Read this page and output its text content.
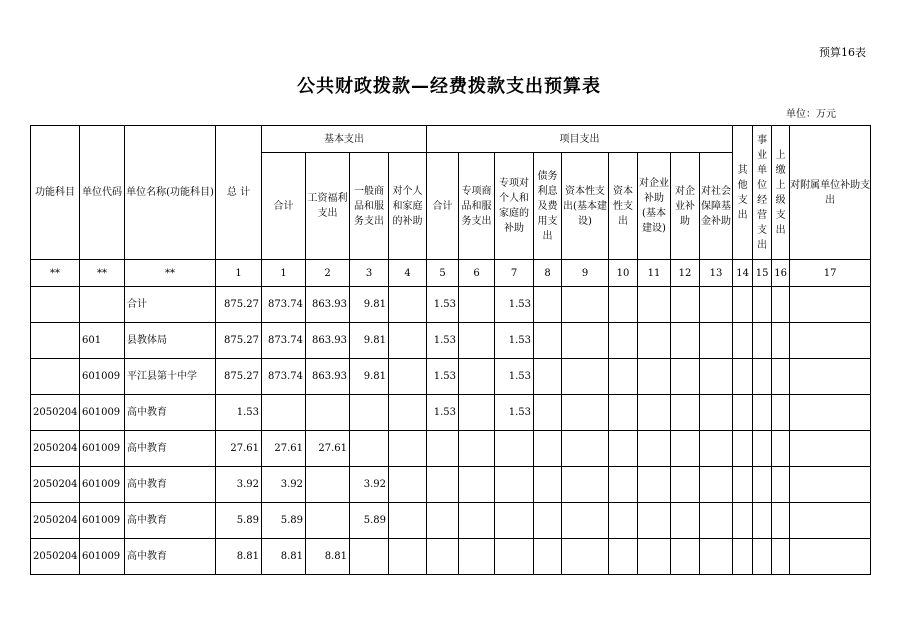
预算16表
公共财政拨款—经费拨款支出预算表
单位：万元
功能科目	单位代码	单位名称(功能科目)	总 计	基本支出				项目支出									其他支出	事业单位经营支出	上缴上级支出	对附属单位补助支出
				合计	工资福利支出	一般商品和服务支出	对个人和家庭的补助	合计	专项商品和服务支出	专项对个人和家庭的补助	债务利息及费用支出	资本性支出(基本建设)	资本性支出	对企业补助(基本建设)	对企业补助	对社会保障基金补助				
**	**	**	1	1	2	3	4	5	6	7	8	9	10	11	12	13	14	15	16	17
		合计	875.27	873.74	863.93	9.81		1.53		1.53										
	601	县教体局	875.27	873.74	863.93	9.81		1.53		1.53										
	601009	平江县第十中学	875.27	873.74	863.93	9.81		1.53		1.53										
2050204	601009	高中教育	1.53					1.53		1.53										
2050204	601009	高中教育	27.61	27.61	27.61															
2050204	601009	高中教育	3.92	3.92		3.92														
2050204	601009	高中教育	5.89	5.89		5.89														
2050204	601009	高中教育	8.81	8.81	8.81															
